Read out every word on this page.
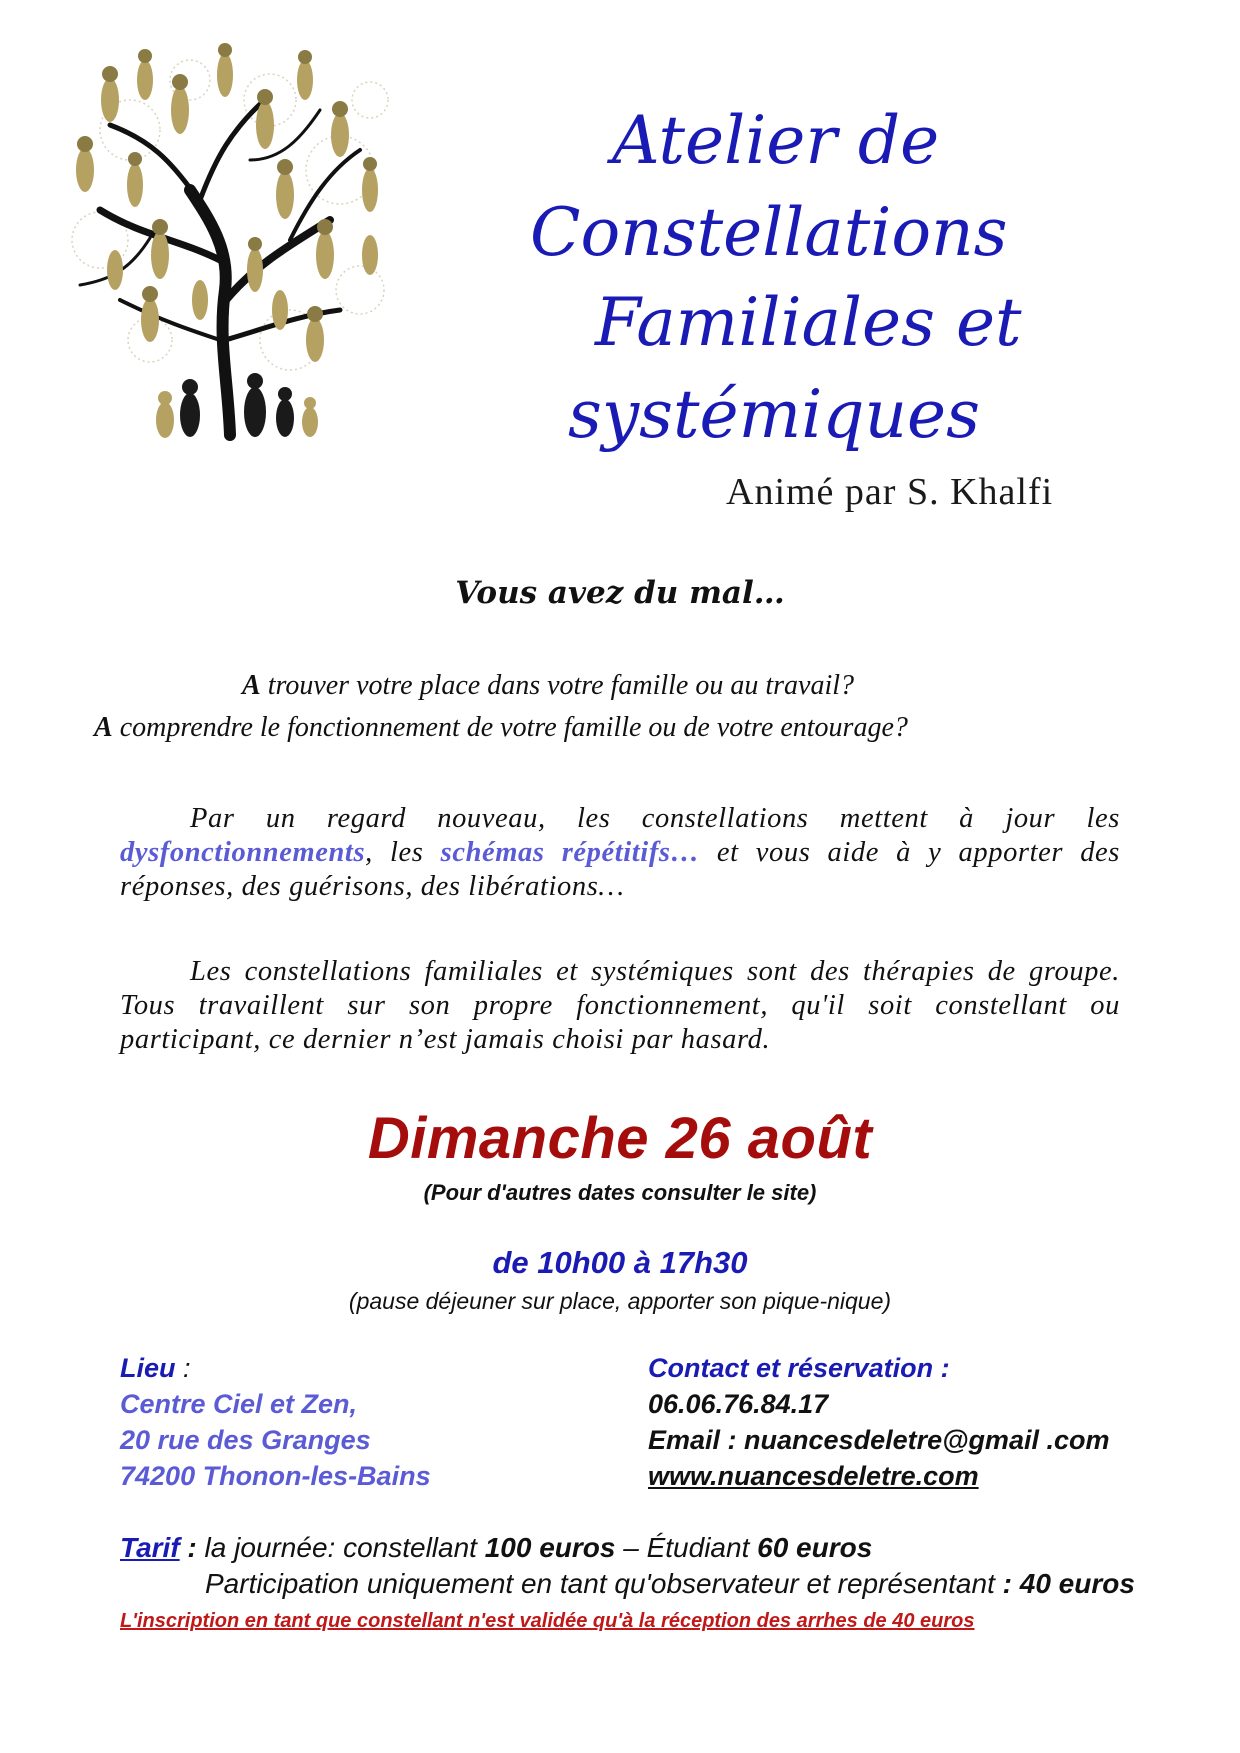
Atelier de
Constellations
Familiales et
systémiques
Animé par S. Khalfi
Vous avez du mal…
A trouver votre place dans votre famille ou au travail?
A comprendre le fonctionnement de votre famille ou de votre entourage?
Par un regard nouveau, les constellations mettent à jour les dysfonctionnements, les schémas répétitifs… et vous aide à y apporter des réponses, des guérisons, des libérations…
Les constellations familiales et systémiques sont des thérapies de groupe. Tous travaillent sur son propre fonctionnement, qu'il soit constellant ou participant, ce dernier n’est jamais choisi par hasard.
Dimanche 26 août
(Pour d'autres dates consulter le site)
de 10h00 à 17h30
(pause déjeuner sur place, apporter son pique-nique)
Lieu :
Centre Ciel et Zen,
20 rue des Granges
74200 Thonon-les-Bains
Contact et réservation :
06.06.76.84.17
Email : nuancesdeletre@gmail .com
www.nuancesdeletre.com
Tarif : la journée: constellant 100 euros – Étudiant 60 euros
Participation uniquement en tant qu'observateur et représentant : 40 euros
L'inscription en tant que constellant n'est validée qu'à la réception des arrhes de 40 euros
